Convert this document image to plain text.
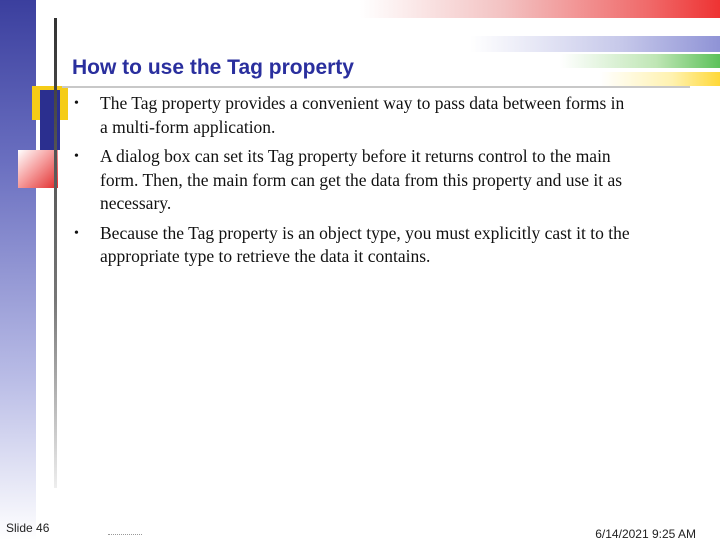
How to use the Tag property
• The Tag property provides a convenient way to pass data between forms in a multi-form application.
• A dialog box can set its Tag property before it returns control to the main form. Then, the main form can get the data from this property and use it as necessary.
• Because the Tag property is an object type, you must explicitly cast it to the appropriate type to retrieve the data it contains.
Slide 46	6/14/2021 9:25 AM
